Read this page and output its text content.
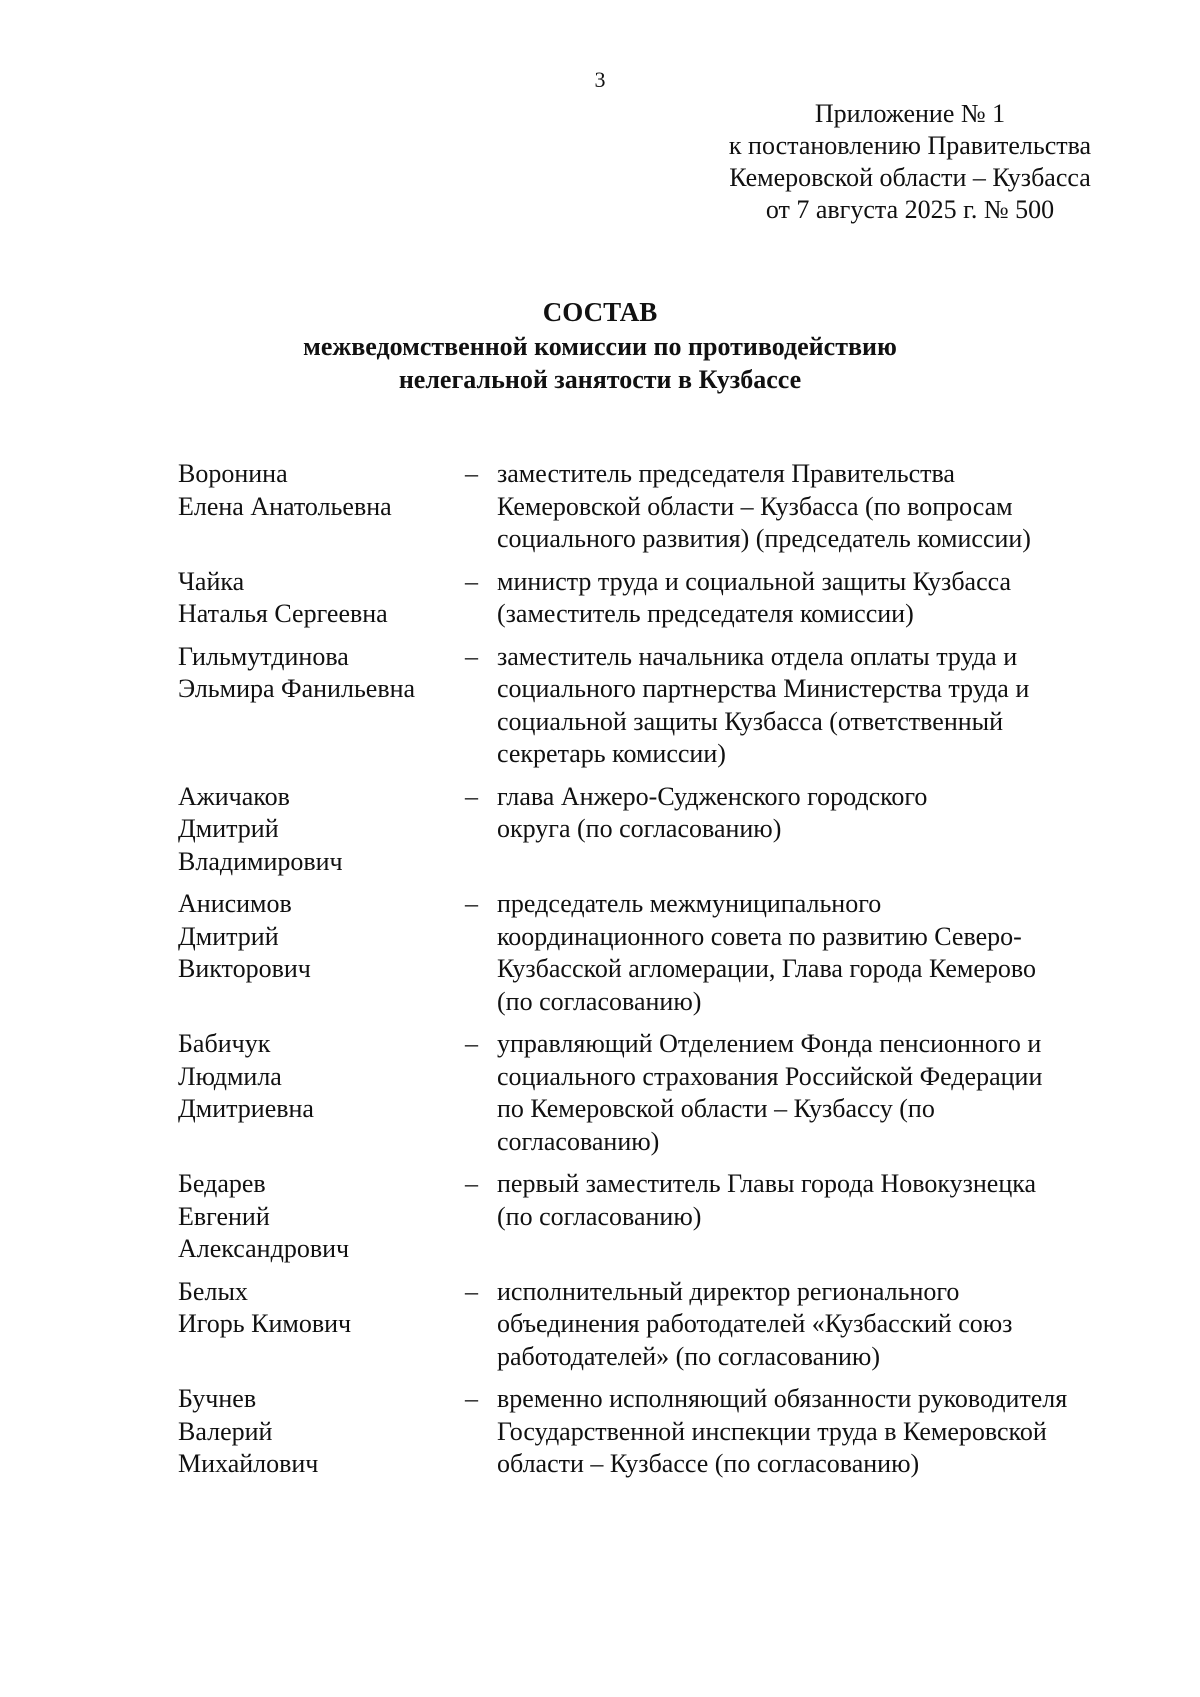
3
Приложение № 1
к постановлению Правительства
Кемеровской области – Кузбасса
от 7 августа 2025 г. № 500
СОСТАВ
межведомственной комиссии по противодействию
нелегальной занятости в Кузбассе
Воронина
Елена Анатольевна
– заместитель председателя Правительства
Кемеровской области – Кузбасса (по вопросам
социального развития) (председатель комиссии)
Чайка
Наталья Сергеевна
– министр труда и социальной защиты Кузбасса
(заместитель председателя комиссии)
Гильмутдинова
Эльмира Фанильевна
– заместитель начальника отдела оплаты труда и
социального партнерства Министерства труда и
социальной защиты Кузбасса (ответственный
секретарь комиссии)
Ажичаков
Дмитрий
Владимирович
– глава Анжеро-Судженского городского
округа (по согласованию)
Анисимов
Дмитрий
Викторович
– председатель межмуниципального
координационного совета по развитию Северо-
Кузбасской агломерации, Глава города Кемерово
(по согласованию)
Бабичук
Людмила
Дмитриевна
– управляющий Отделением Фонда пенсионного и
социального страхования Российской Федерации
по Кемеровской области – Кузбассу (по
согласованию)
Бедарев
Евгений
Александрович
– первый заместитель Главы города Новокузнецка
(по согласованию)
Белых
Игорь Кимович
– исполнительный директор регионального
объединения работодателей «Кузбасский союз
работодателей» (по согласованию)
Бучнев
Валерий
Михайлович
– временно исполняющий обязанности руководителя
Государственной инспекции труда в Кемеровской
области – Кузбассе (по согласованию)
